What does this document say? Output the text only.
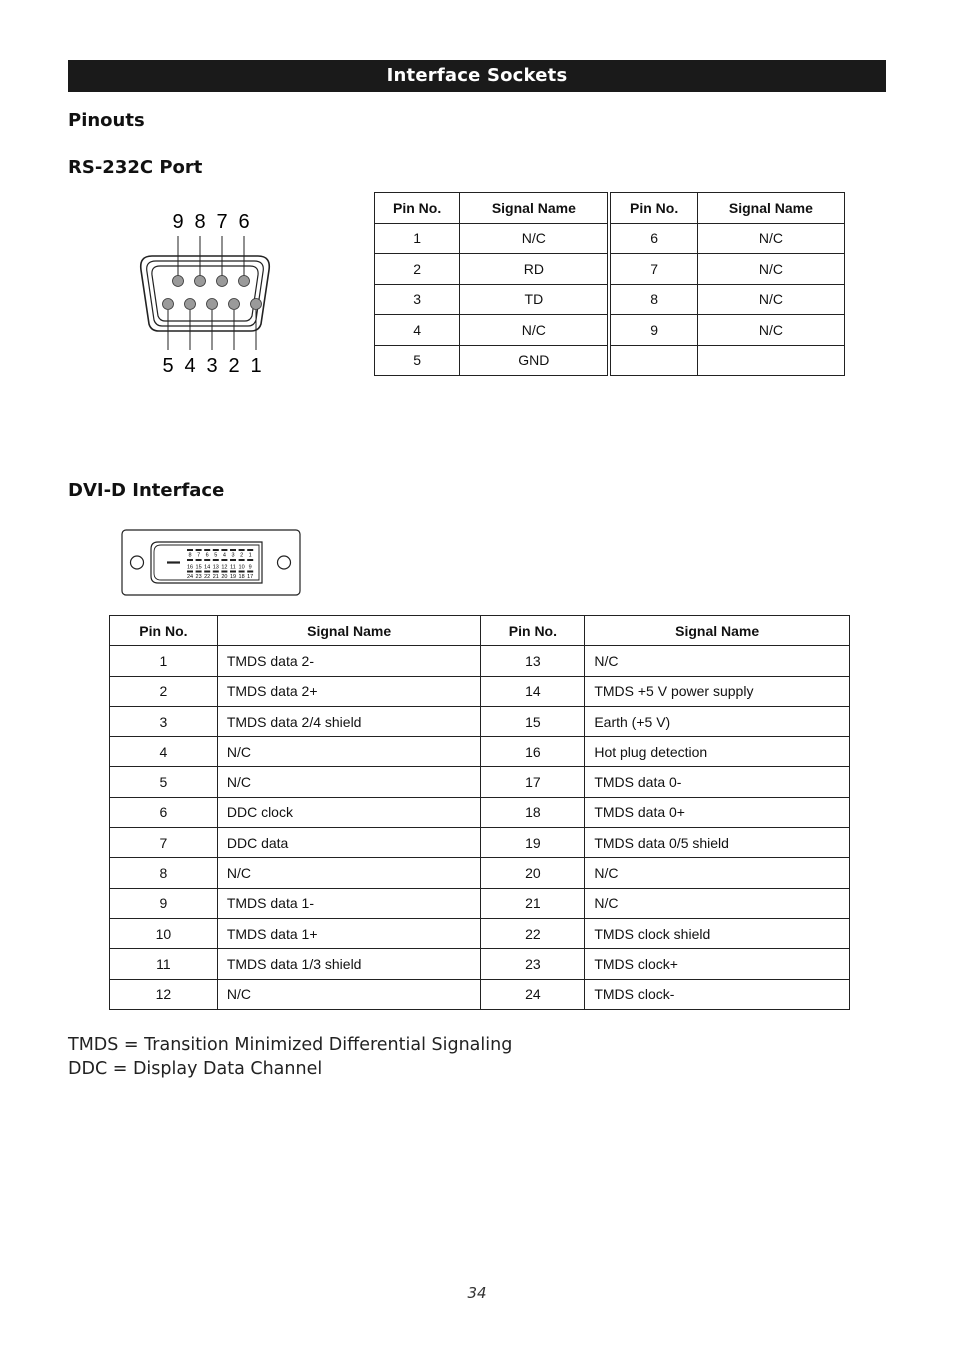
Interface Sockets
Pinouts
RS-232C Port
9 8 7 6
5 4 3 2 1
Pin No.	Signal Name	Pin No.	Signal Name
1	N/C	6	N/C
2	RD	7	N/C
3	TD	8	N/C
4	N/C	9	N/C
5	GND		
DVI-D Interface
8 7 6 5 4 3 2 1
16 15 14 13 12 11 10 9
24 23 22 21 20 19 18 17
Pin No.	Signal Name	Pin No.	Signal Name
1	TMDS data 2-	13	N/C
2	TMDS data 2+	14	TMDS +5 V power supply
3	TMDS data 2/4 shield	15	Earth (+5 V)
4	N/C	16	Hot plug detection
5	N/C	17	TMDS data 0-
6	DDC clock	18	TMDS data 0+
7	DDC data	19	TMDS data 0/5 shield
8	N/C	20	N/C
9	TMDS data 1-	21	N/C
10	TMDS data 1+	22	TMDS clock shield
11	TMDS data 1/3 shield	23	TMDS clock+
12	N/C	24	TMDS clock-
TMDS = Transition Minimized Differential Signaling
DDC = Display Data Channel
34
